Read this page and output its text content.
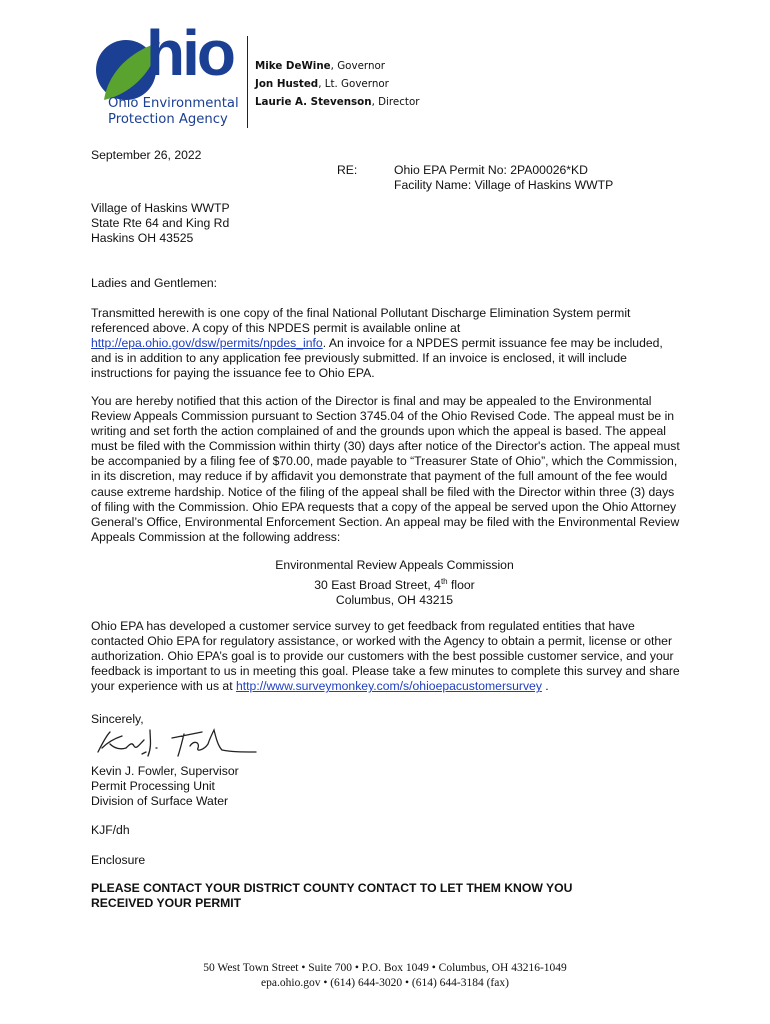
hio
Ohio Environmental
Protection Agency
Mike DeWine, Governor
Jon Husted, Lt. Governor
Laurie A. Stevenson, Director
September 26, 2022
RE:	Ohio EPA Permit No: 2PA00026*KD
Facility Name: Village of Haskins WWTP
Village of Haskins WWTP
State Rte 64 and King Rd
Haskins OH 43525
Ladies and Gentlemen:
Transmitted herewith is one copy of the final National Pollutant Discharge Elimination System permit referenced above. A copy of this NPDES permit is available online at http://epa.ohio.gov/dsw/permits/npdes_info. An invoice for a NPDES permit issuance fee may be included, and is in addition to any application fee previously submitted. If an invoice is enclosed, it will include instructions for paying the issuance fee to Ohio EPA.
You are hereby notified that this action of the Director is final and may be appealed to the Environmental Review Appeals Commission pursuant to Section 3745.04 of the Ohio Revised Code. The appeal must be in writing and set forth the action complained of and the grounds upon which the appeal is based. The appeal must be filed with the Commission within thirty (30) days after notice of the Director's action. The appeal must be accompanied by a filing fee of $70.00, made payable to “Treasurer State of Ohio”, which the Commission, in its discretion, may reduce if by affidavit you demonstrate that payment of the full amount of the fee would cause extreme hardship. Notice of the filing of the appeal shall be filed with the Director within three (3) days of filing with the Commission. Ohio EPA requests that a copy of the appeal be served upon the Ohio Attorney General’s Office, Environmental Enforcement Section. An appeal may be filed with the Environmental Review Appeals Commission at the following address:
Environmental Review Appeals Commission
30 East Broad Street, 4th floor
Columbus, OH 43215
Ohio EPA has developed a customer service survey to get feedback from regulated entities that have contacted Ohio EPA for regulatory assistance, or worked with the Agency to obtain a permit, license or other authorization. Ohio EPA’s goal is to provide our customers with the best possible customer service, and your feedback is important to us in meeting this goal. Please take a few minutes to complete this survey and share your experience with us at http://www.surveymonkey.com/s/ohioepacustomersurvey .
Sincerely,
Kevin J. Fowler, Supervisor
Permit Processing Unit
Division of Surface Water
KJF/dh
Enclosure
PLEASE CONTACT YOUR DISTRICT COUNTY CONTACT TO LET THEM KNOW YOU
RECEIVED YOUR PERMIT
50 West Town Street • Suite 700 • P.O. Box 1049 • Columbus, OH 43216-1049
epa.ohio.gov • (614) 644-3020 • (614) 644-3184 (fax)
